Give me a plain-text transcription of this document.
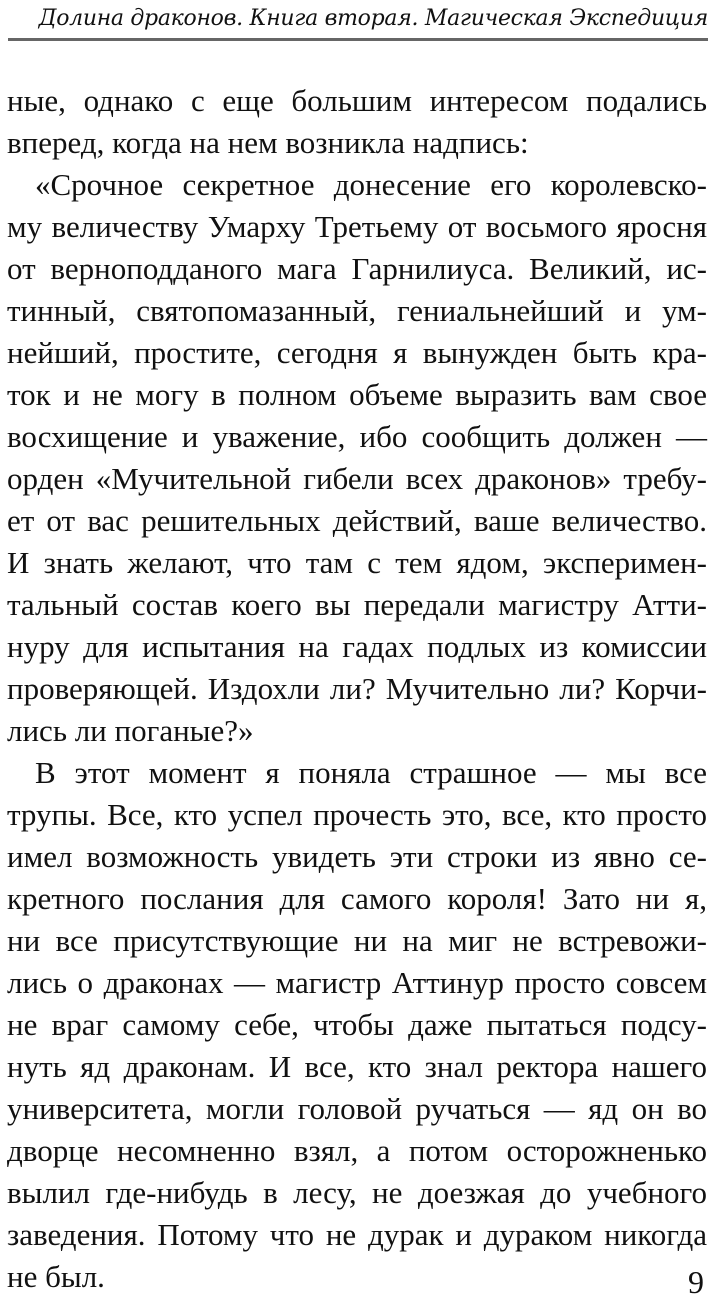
Долина драконов. Книга вторая. Магическая Экспедиция
ные, однако с еще большим интересом подались
вперед, когда на нем возникла надпись:
«Срочное секретное донесение его королевско-
му величеству Умарху Третьему от восьмого яросня
от верноподданого мага Гарнилиуса. Великий, ис-
тинный, святопомазанный, гениальнейший и ум-
нейший, простите, сегодня я вынужден быть кра-
ток и не могу в полном объеме выразить вам свое
восхищение и уважение, ибо сообщить должен —
орден «Мучительной гибели всех драконов» требу-
ет от вас решительных действий, ваше величество.
И знать желают, что там с тем ядом, эксперимен-
тальный состав коего вы передали магистру Атти-
нуру для испытания на гадах подлых из комиссии
проверяющей. Издохли ли? Мучительно ли? Корчи-
лись ли поганые?»
В этот момент я поняла страшное — мы все
трупы. Все, кто успел прочесть это, все, кто просто
имел возможность увидеть эти строки из явно се-
кретного послания для самого короля! Зато ни я,
ни все присутствующие ни на миг не встревожи-
лись о драконах — магистр Аттинур просто совсем
не враг самому себе, чтобы даже пытаться подсу-
нуть яд драконам. И все, кто знал ректора нашего
университета, могли головой ручаться — яд он во
дворце несомненно взял, а потом осторожненько
вылил где-нибудь в лесу, не доезжая до учебного
заведения. Потому что не дурак и дураком никогда
не был.	9
